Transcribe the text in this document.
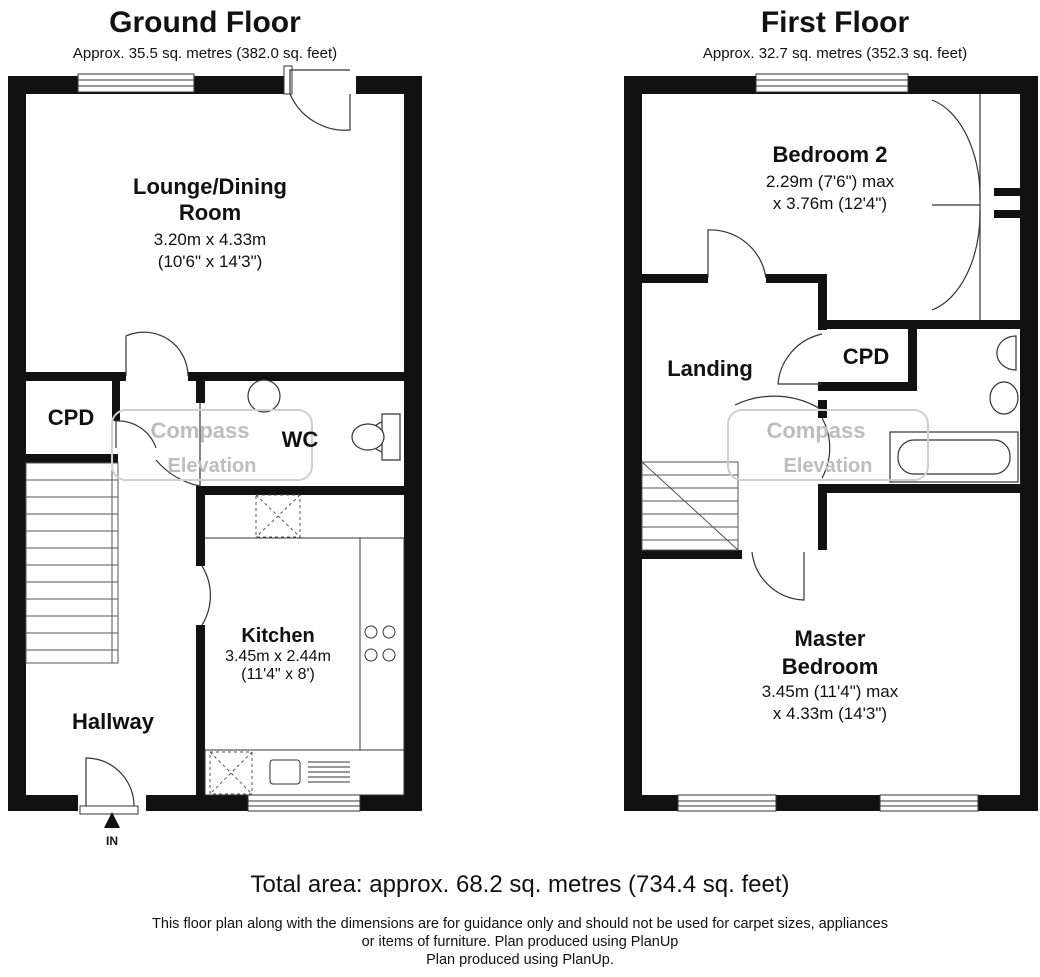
Ground Floor
Approx. 35.5 sq. metres (382.0 sq. feet)
First Floor
Approx. 32.7 sq. metres (352.3 sq. feet)
Compass
Elevation
Compass
Elevation
Lounge/Dining
Room
3.20m x 4.33m
(10'6" x 14'3")
CPD
WC
Kitchen
3.45m x 2.44m
(11'4" x 8')
Hallway
IN
Bedroom 2
2.29m (7'6") max
x 3.76m (12'4")
Landing	CPD
Master
Bedroom
3.45m (11'4") max
x 4.33m (14'3")
Total area: approx. 68.2 sq. metres (734.4 sq. feet)
This floor plan along with the dimensions are for guidance only and should not be used for carpet sizes, appliances
or items of furniture. Plan produced using PlanUp
Plan produced using PlanUp.
